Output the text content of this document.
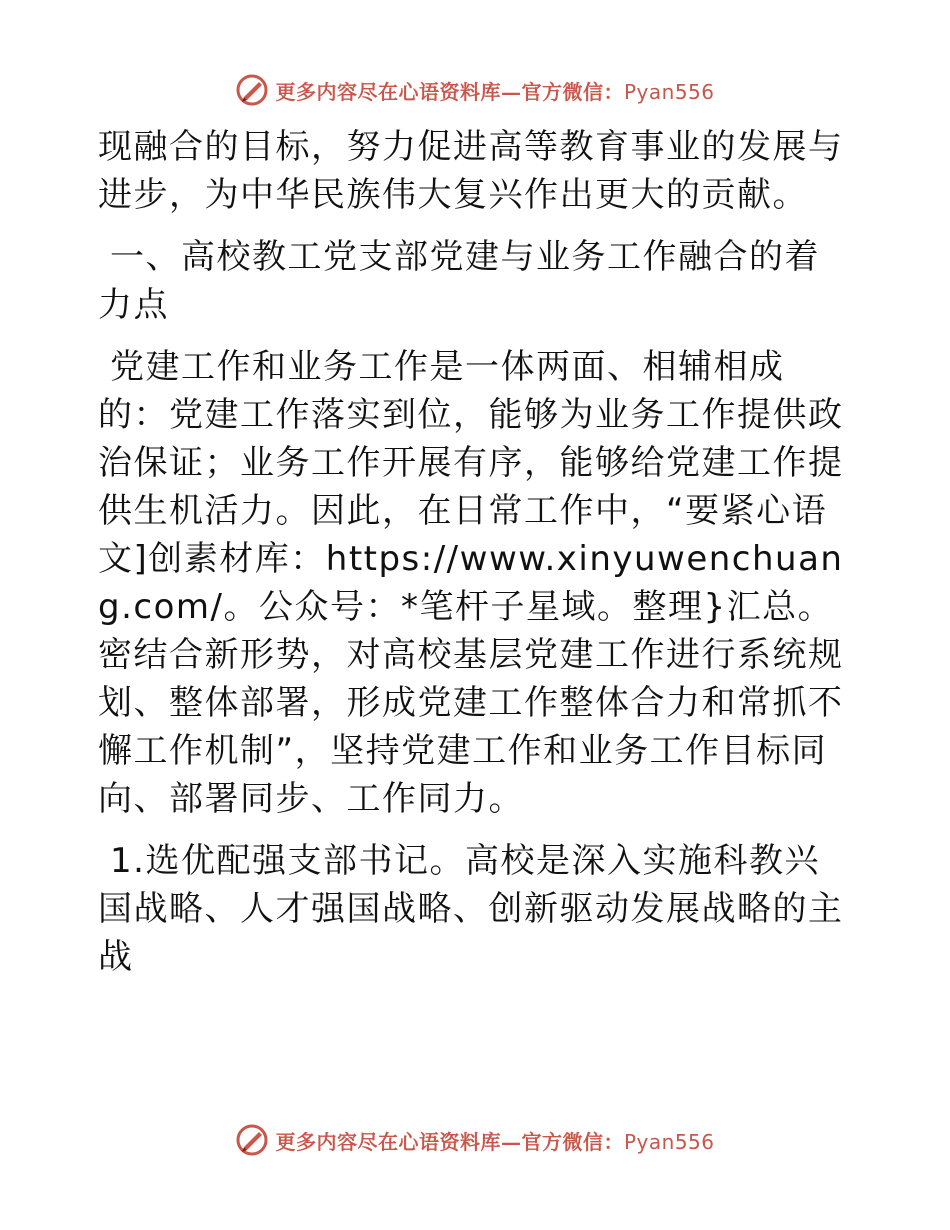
更多内容尽在心语资料库—官方微信：Pyan556

现融合的目标，努力促进高等教育事业的发展与进步，为中华民族伟大复兴作出更大的贡献。

一、高校教工党支部党建与业务工作融合的着力点

党建工作和业务工作是一体两面、相辅相成的：党建工作落实到位，能够为业务工作提供政治保证；业务工作开展有序，能够给党建工作提供生机活力。因此，在日常工作中，“要紧心语文]创素材库：https://www.xinyuwenchuang.com/。公众号：*笔杆子星域。整理}汇总。密结合新形势，对高校基层党建工作进行系统规划、整体部署，形成党建工作整体合力和常抓不懈工作机制”，坚持党建工作和业务工作目标同向、部署同步、工作同力。

1.选优配强支部书记。高校是深入实施科教兴国战略、人才强国战略、创新驱动发展战略的主战

更多内容尽在心语资料库—官方微信：Pyan556
